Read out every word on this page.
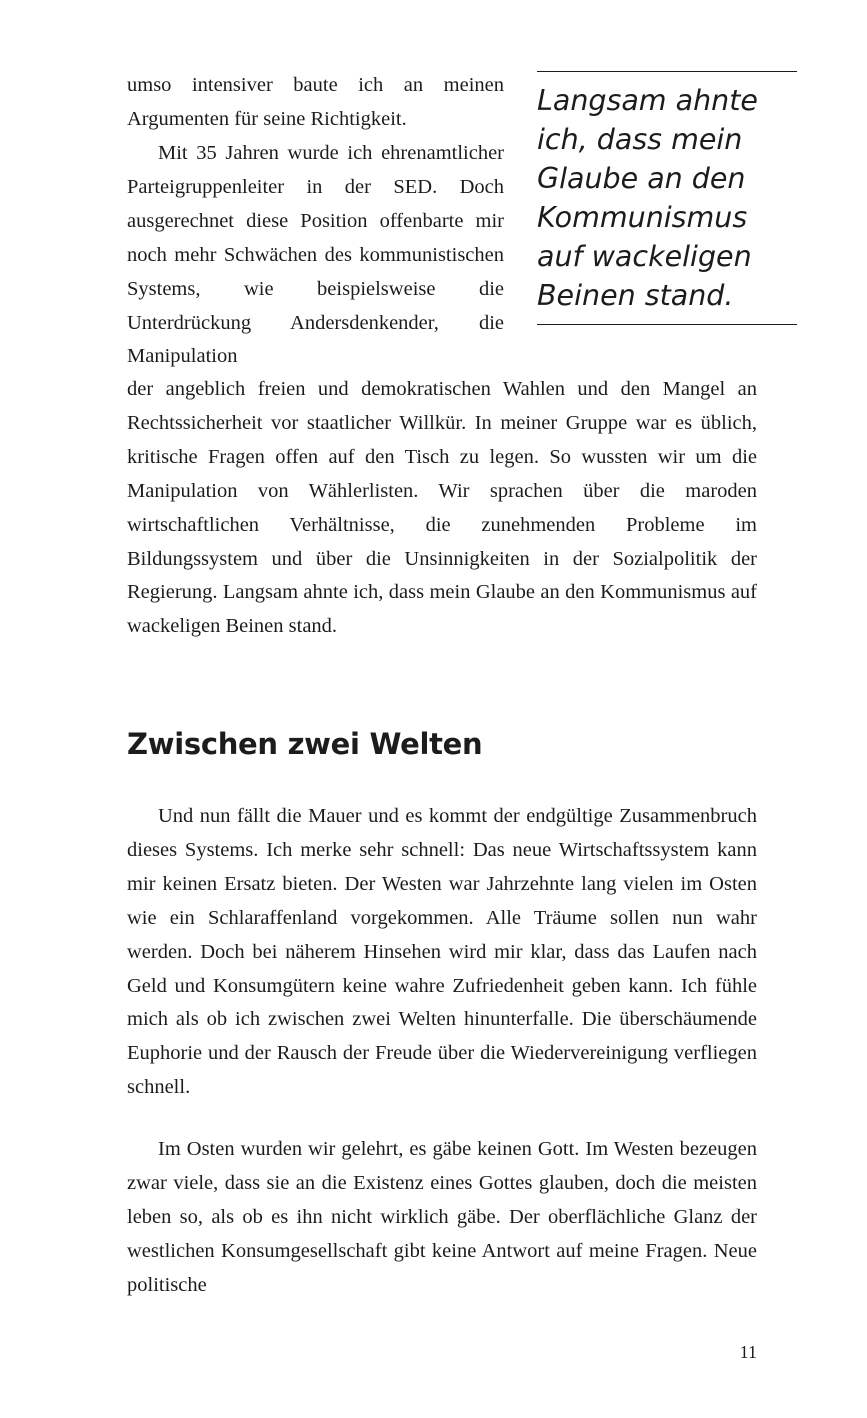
Langsam ahnte
ich, dass mein
Glaube an den
Kommunismus
auf wackeligen
Beinen stand.

umso intensiver baute ich an meinen Argumenten für seine Richtigkeit.

Mit 35 Jahren wurde ich ehrenamtlicher Parteigruppenleiter in der SED. Doch ausgerechnet diese Position offenbarte mir noch mehr Schwächen des kommunistischen Systems, wie beispielsweise die Unterdrückung Andersdenkender, die Manipulation

der angeblich freien und demokratischen Wahlen und den Mangel an Rechtssicherheit vor staatlicher Willkür. In meiner Gruppe war es üblich, kritische Fragen offen auf den Tisch zu legen. So wussten wir um die Manipulation von Wählerlisten. Wir sprachen über die maroden wirtschaftlichen Verhältnisse, die zunehmenden Probleme im Bildungssystem und über die Unsinnigkeiten in der Sozialpolitik der Regierung. Langsam ahnte ich, dass mein Glaube an den Kommunismus auf wackeligen Beinen stand.

Zwischen zwei Welten

Und nun fällt die Mauer und es kommt der endgültige Zusammenbruch dieses Systems. Ich merke sehr schnell: Das neue Wirtschaftssystem kann mir keinen Ersatz bieten. Der Westen war Jahrzehnte lang vielen im Osten wie ein Schlaraffenland vorgekommen. Alle Träume sollen nun wahr werden. Doch bei näherem Hinsehen wird mir klar, dass das Laufen nach Geld und Konsumgütern keine wahre Zufriedenheit geben kann. Ich fühle mich als ob ich zwischen zwei Welten hinunterfalle. Die überschäumende Euphorie und der Rausch der Freude über die Wiedervereinigung verfliegen schnell.

Im Osten wurden wir gelehrt, es gäbe keinen Gott. Im Westen bezeugen zwar viele, dass sie an die Existenz eines Gottes glauben, doch die meisten leben so, als ob es ihn nicht wirklich gäbe. Der oberflächliche Glanz der westlichen Konsumgesellschaft gibt keine Antwort auf meine Fragen. Neue politische

11
